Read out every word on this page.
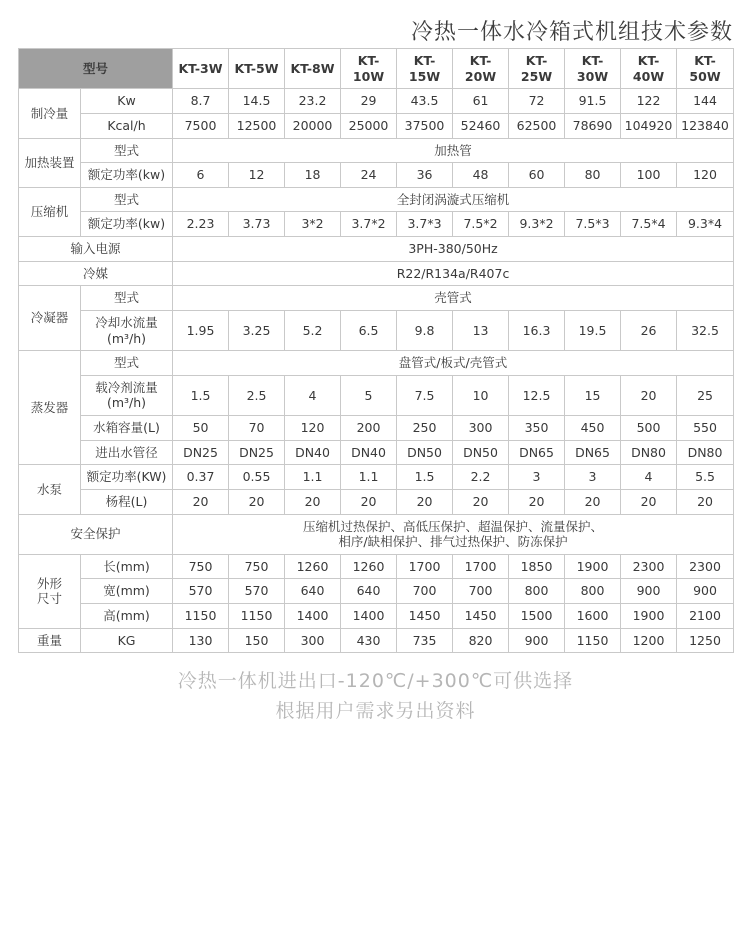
冷热一体水冷箱式机组技术参数
型号		KT-3W	KT-5W	KT-8W	KT-10W	KT-15W	KT-20W	KT-25W	KT-30W	KT-40W	KT-50W
制冷量	Kw	8.7	14.5	23.2	29	43.5	61	72	91.5	122	144
	Kcal/h	7500	12500	20000	25000	37500	52460	62500	78690	104920	123840
加热装置	型式	加热管									
	额定功率(kw)	6	12	18	24	36	48	60	80	100	120
压缩机	型式	全封闭涡漩式压缩机									
	额定功率(kw)	2.23	3.73	3*2	3.7*2	3.7*3	7.5*2	9.3*2	7.5*3	7.5*4	9.3*4
输入电源		3PH-380/50Hz									
冷媒		R22/R134a/R407c									
冷凝器	型式	壳管式									
	冷却水流量(m³/h)	1.95	3.25	5.2	6.5	9.8	13	16.3	19.5	26	32.5
蒸发器	型式	盘管式/板式/壳管式									
	载冷剂流量
(m³/h)	1.5	2.5	4	5	7.5	10	12.5	15	20	25
	水箱容量(L)	50	70	120	200	250	300	350	450	500	550
	进出水管径	DN25	DN25	DN40	DN40	DN50	DN50	DN65	DN65	DN80	DN80
水泵	额定功率(KW)	0.37	0.55	1.1	1.1	1.5	2.2	3	3	4	5.5
	杨程(L)	20	20	20	20	20	20	20	20	20	20
安全保护		压缩机过热保护、高低压保护、超温保护、流量保护、
相序/缺相保护、排气过热保护、防冻保护									
外形
尺寸	长(mm)	750	750	1260	1260	1700	1700	1850	1900	2300	2300
	宽(mm)	570	570	640	640	700	700	800	800	900	900
	高(mm)	1150	1150	1400	1400	1450	1450	1500	1600	1900	2100
重量	KG	130	150	300	430	735	820	900	1150	1200	1250
冷热一体机进出口-120℃/+300℃可供选择
根据用户需求另出资料
